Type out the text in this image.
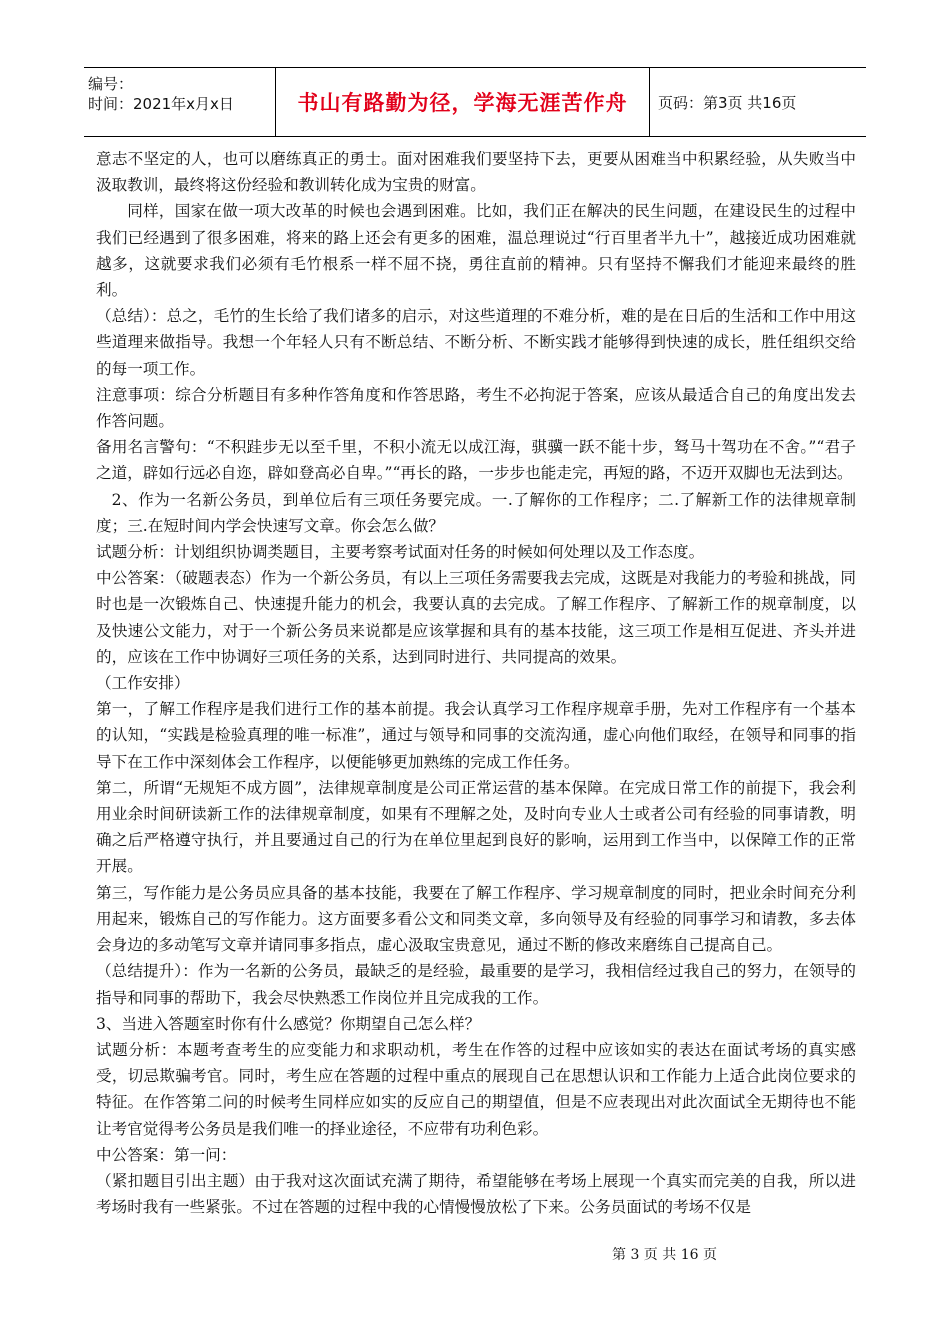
编号：
时间：2021年x月x日	书山有路勤为径，学海无涯苦作舟 页码：第3页 共16页

意志不坚定的人，也可以磨练真正的勇士。面对困难我们要坚持下去，更要从困难当中积累经验，从失败当中汲取教训，最终将这份经验和教训转化成为宝贵的财富。

同样，国家在做一项大改革的时候也会遇到困难。比如，我们正在解决的民生问题，在建设民生的过程中我们已经遇到了很多困难，将来的路上还会有更多的困难，温总理说过“行百里者半九十”，越接近成功困难就越多，这就要求我们必须有毛竹根系一样不屈不挠，勇往直前的精神。只有坚持不懈我们才能迎来最终的胜利。

（总结）：总之，毛竹的生长给了我们诸多的启示，对这些道理的不难分析，难的是在日后的生活和工作中用这些道理来做指导。我想一个年轻人只有不断总结、不断分析、不断实践才能够得到快速的成长，胜任组织交给的每一项工作。

注意事项：综合分析题目有多种作答角度和作答思路，考生不必拘泥于答案，应该从最适合自己的角度出发去作答问题。

备用名言警句：“不积跬步无以至千里，不积小流无以成江海，骐骥一跃不能十步，驽马十驾功在不舍。”“君子之道，辟如行远必自迩，辟如登高必自卑。”“再长的路，一步步也能走完，再短的路，不迈开双脚也无法到达。

2、作为一名新公务员，到单位后有三项任务要完成。一.了解你的工作程序；二.了解新工作的法律规章制度；三.在短时间内学会快速写文章。你会怎么做？

试题分析：计划组织协调类题目，主要考察考试面对任务的时候如何处理以及工作态度。

中公答案：（破题表态）作为一个新公务员，有以上三项任务需要我去完成，这既是对我能力的考验和挑战，同时也是一次锻炼自己、快速提升能力的机会，我要认真的去完成。了解工作程序、了解新工作的规章制度，以及快速公文能力，对于一个新公务员来说都是应该掌握和具有的基本技能，这三项工作是相互促进、齐头并进的，应该在工作中协调好三项任务的关系，达到同时进行、共同提高的效果。

（工作安排）

第一，了解工作程序是我们进行工作的基本前提。我会认真学习工作程序规章手册，先对工作程序有一个基本的认知，“实践是检验真理的唯一标准”，通过与领导和同事的交流沟通，虚心向他们取经，在领导和同事的指导下在工作中深刻体会工作程序，以便能够更加熟练的完成工作任务。

第二，所谓“无规矩不成方圆”，法律规章制度是公司正常运营的基本保障。在完成日常工作的前提下，我会利用业余时间研读新工作的法律规章制度，如果有不理解之处，及时向专业人士或者公司有经验的同事请教，明确之后严格遵守执行，并且要通过自己的行为在单位里起到良好的影响，运用到工作当中，以保障工作的正常开展。

第三，写作能力是公务员应具备的基本技能，我要在了解工作程序、学习规章制度的同时，把业余时间充分利用起来，锻炼自己的写作能力。这方面要多看公文和同类文章，多向领导及有经验的同事学习和请教，多去体会身边的多动笔写文章并请同事多指点，虚心汲取宝贵意见，通过不断的修改来磨练自己提高自己。

（总结提升）：作为一名新的公务员，最缺乏的是经验，最重要的是学习，我相信经过我自己的努力，在领导的指导和同事的帮助下，我会尽快熟悉工作岗位并且完成我的工作。

3、当进入答题室时你有什么感觉？你期望自己怎么样？

试题分析：本题考查考生的应变能力和求职动机，考生在作答的过程中应该如实的表达在面试考场的真实感受，切忌欺骗考官。同时，考生应在答题的过程中重点的展现自己在思想认识和工作能力上适合此岗位要求的特征。在作答第二问的时候考生同样应如实的反应自己的期望值，但是不应表现出对此次面试全无期待也不能让考官觉得考公务员是我们唯一的择业途径，不应带有功利色彩。

中公答案：第一问：

（紧扣题目引出主题）由于我对这次面试充满了期待，希望能够在考场上展现一个真实而完美的自我，所以进考场时我有一些紧张。不过在答题的过程中我的心情慢慢放松了下来。公务员面试的考场不仅是

第 3 页 共 16 页
